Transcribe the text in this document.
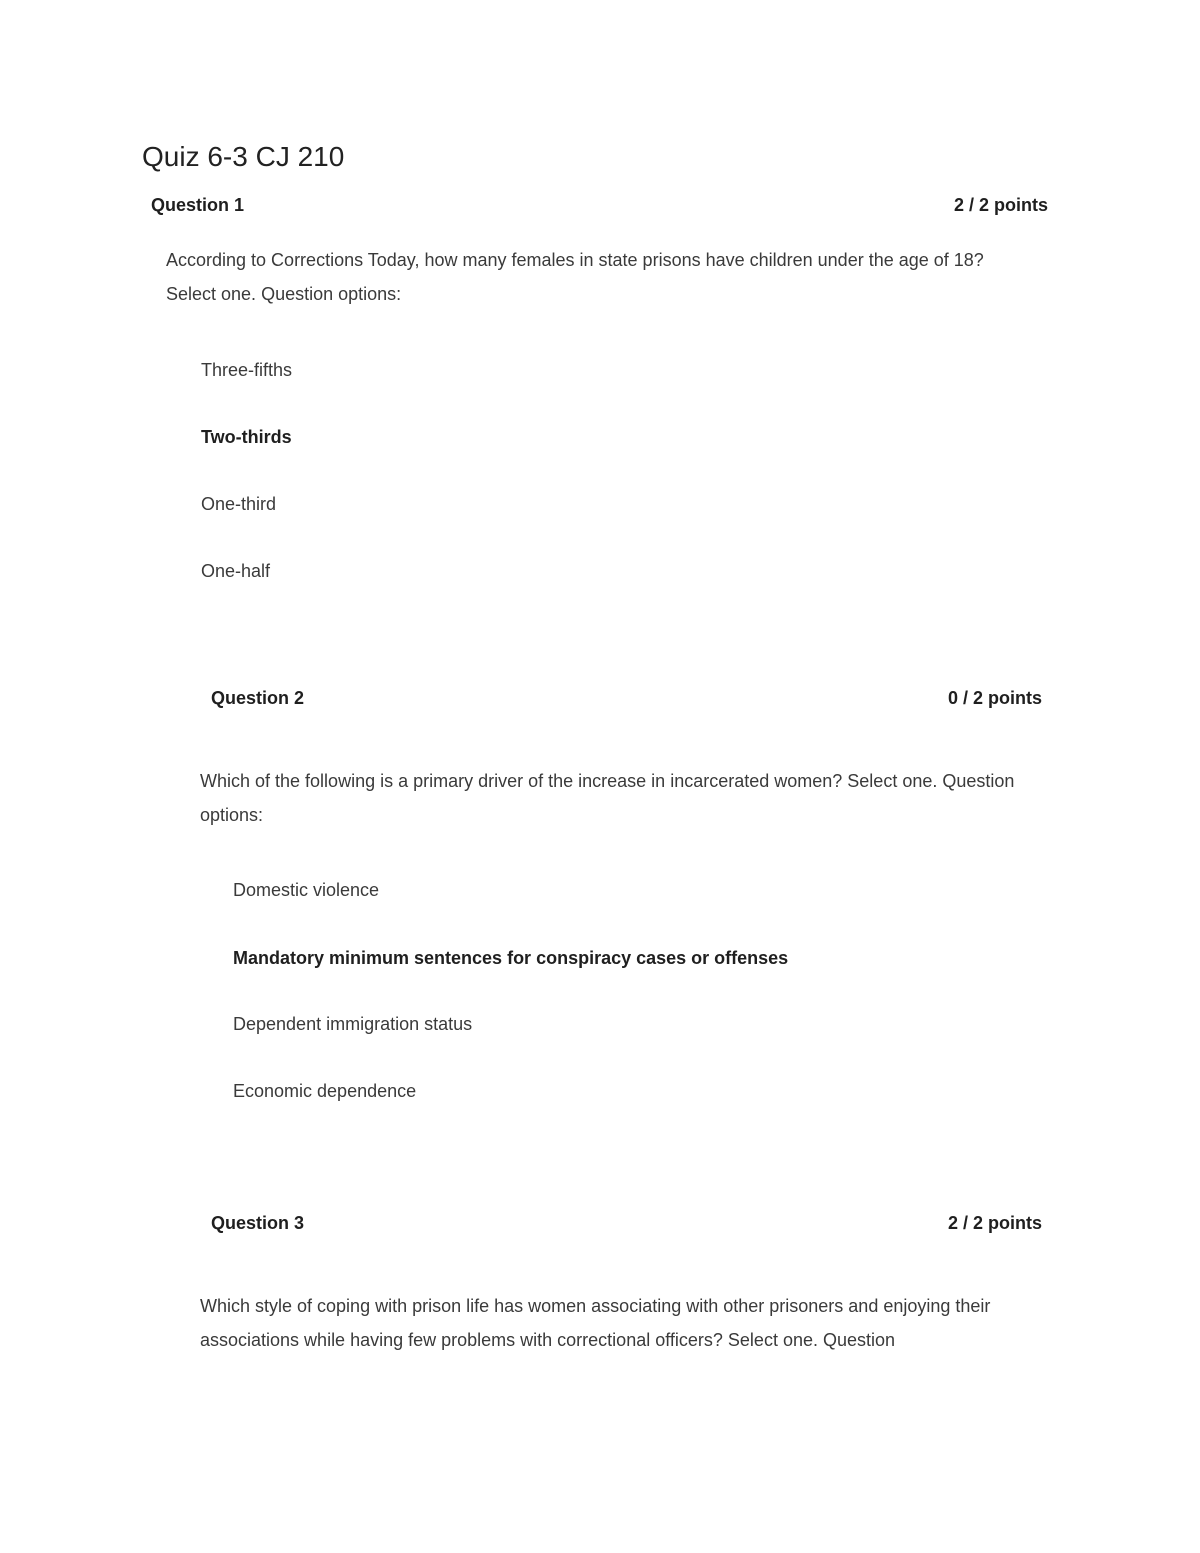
Quiz 6-3 CJ 210
Question 1	2 / 2 points
According to Corrections Today, how many females in state prisons have children under the age of 18? Select one. Question options:
Three-fifths
Two-thirds
One-third
One-half
Question 2	0 / 2 points
Which of the following is a primary driver of the increase in incarcerated women? Select one. Question options:
Domestic violence
Mandatory minimum sentences for conspiracy cases or offenses
Dependent immigration status
Economic dependence
Question 3	2 / 2 points
Which style of coping with prison life has women associating with other prisoners and enjoying their associations while having few problems with correctional officers? Select one. Question
